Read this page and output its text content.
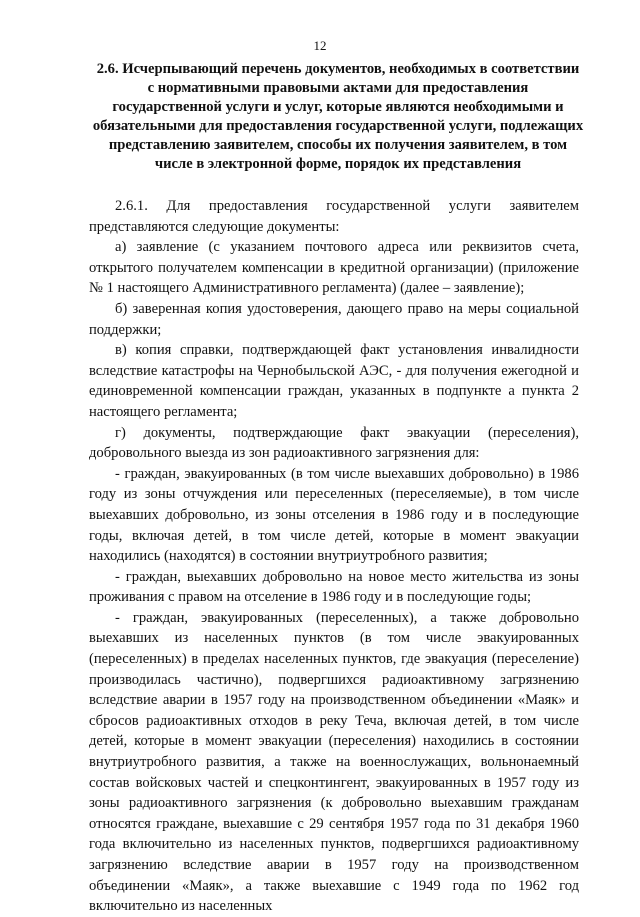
12
2.6. Исчерпывающий перечень документов, необходимых в соответствии с нормативными правовыми актами для предоставления государственной услуги и услуг, которые являются необходимыми и обязательными для предоставления государственной услуги, подлежащих представлению заявителем, способы их получения заявителем, в том числе в электронной форме, порядок их представления

2.6.1. Для предоставления государственной услуги заявителем представляются следующие документы:

а) заявление (с указанием почтового адреса или реквизитов счета, открытого получателем компенсации в кредитной организации) (приложение № 1 настоящего Административного регламента) (далее – заявление);

б) заверенная копия удостоверения, дающего право на меры социальной поддержки;

в) копия справки, подтверждающей факт установления инвалидности вследствие катастрофы на Чернобыльской АЭС, - для получения ежегодной и единовременной компенсации граждан, указанных в подпункте а пункта 2 настоящего регламента;

г) документы, подтверждающие факт эвакуации (переселения), добровольного выезда из зон радиоактивного загрязнения для:

- граждан, эвакуированных (в том числе выехавших добровольно) в 1986 году из зоны отчуждения или переселенных (переселяемые), в том числе выехавших добровольно, из зоны отселения в 1986 году и в последующие годы, включая детей, в том числе детей, которые в момент эвакуации находились (находятся) в состоянии внутриутробного развития;

- граждан, выехавших добровольно на новое место жительства из зоны проживания с правом на отселение в 1986 году и в последующие годы;

- граждан, эвакуированных (переселенных), а также добровольно выехавших из населенных пунктов (в том числе эвакуированных (переселенных) в пределах населенных пунктов, где эвакуация (переселение) производилась частично), подвергшихся радиоактивному загрязнению вследствие аварии в 1957 году на производственном объединении «Маяк» и сбросов радиоактивных отходов в реку Теча, включая детей, в том числе детей, которые в момент эвакуации (переселения) находились в состоянии внутриутробного развития, а также на военнослужащих, вольнонаемный состав войсковых частей и спецконтингент, эвакуированных в 1957 году из зоны радиоактивного загрязнения (к добровольно выехавшим гражданам относятся граждане, выехавшие с 29 сентября 1957 года по 31 декабря 1960 года включительно из населенных пунктов, подвергшихся радиоактивному загрязнению вследствие аварии в 1957 году на производственном объединении «Маяк», а также выехавшие с 1949 года по 1962 год включительно из населенных
